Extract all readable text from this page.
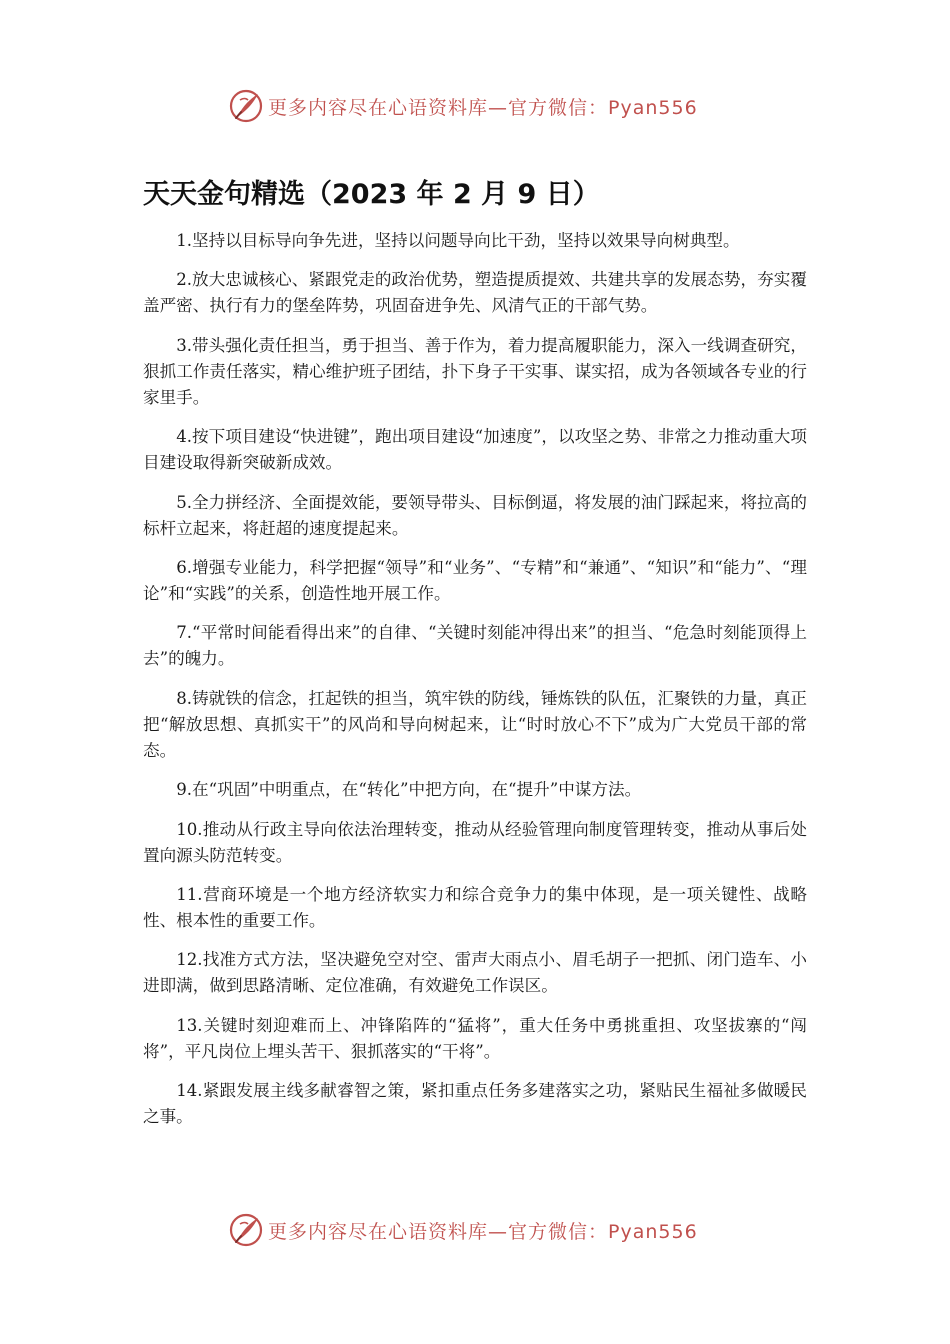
更多内容尽在心语资料库—官方微信：Pyan556
天天金句精选（2023 年 2 月 9 日）

1.坚持以目标导向争先进，坚持以问题导向比干劲，坚持以效果导向树典型。

2.放大忠诚核心、紧跟党走的政治优势，塑造提质提效、共建共享的发展态势，夯实覆盖严密、执行有力的堡垒阵势，巩固奋进争先、风清气正的干部气势。

3.带头强化责任担当，勇于担当、善于作为，着力提高履职能力，深入一线调查研究，狠抓工作责任落实，精心维护班子团结，扑下身子干实事、谋实招，成为各领域各专业的行家里手。

4.按下项目建设“快进键”，跑出项目建设“加速度”，以攻坚之势、非常之力推动重大项目建设取得新突破新成效。

5.全力拼经济、全面提效能，要领导带头、目标倒逼，将发展的油门踩起来，将拉高的标杆立起来，将赶超的速度提起来。

6.增强专业能力，科学把握“领导”和“业务”、“专精”和“兼通”、“知识”和“能力”、“理论”和“实践”的关系，创造性地开展工作。

7.“平常时间能看得出来”的自律、“关键时刻能冲得出来”的担当、“危急时刻能顶得上去”的魄力。

8.铸就铁的信念，扛起铁的担当，筑牢铁的防线，锤炼铁的队伍，汇聚铁的力量，真正把“解放思想、真抓实干”的风尚和导向树起来，让“时时放心不下”成为广大党员干部的常态。

9.在“巩固”中明重点，在“转化”中把方向，在“提升”中谋方法。

10.推动从行政主导向依法治理转变，推动从经验管理向制度管理转变，推动从事后处置向源头防范转变。

11.营商环境是一个地方经济软实力和综合竞争力的集中体现，是一项关键性、战略性、根本性的重要工作。

12.找准方式方法，坚决避免空对空、雷声大雨点小、眉毛胡子一把抓、闭门造车、小进即满，做到思路清晰、定位准确，有效避免工作误区。

13.关键时刻迎难而上、冲锋陷阵的“猛将”，重大任务中勇挑重担、攻坚拔寨的“闯将”，平凡岗位上埋头苦干、狠抓落实的“干将”。

14.紧跟发展主线多献睿智之策，紧扣重点任务多建落实之功，紧贴民生福祉多做暖民之事。

更多内容尽在心语资料库—官方微信：Pyan556
